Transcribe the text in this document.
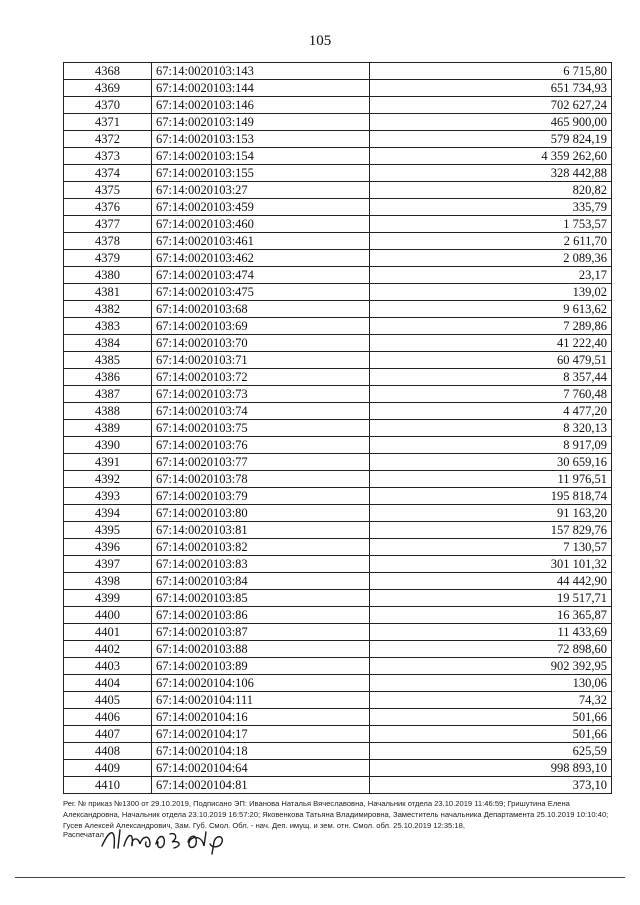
105
4368	67:14:0020103:143	6 715,80
4369	67:14:0020103:144	651 734,93
4370	67:14:0020103:146	702 627,24
4371	67:14:0020103:149	465 900,00
4372	67:14:0020103:153	579 824,19
4373	67:14:0020103:154	4 359 262,60
4374	67:14:0020103:155	328 442,88
4375	67:14:0020103:27	820,82
4376	67:14:0020103:459	335,79
4377	67:14:0020103:460	1 753,57
4378	67:14:0020103:461	2 611,70
4379	67:14:0020103:462	2 089,36
4380	67:14:0020103:474	23,17
4381	67:14:0020103:475	139,02
4382	67:14:0020103:68	9 613,62
4383	67:14:0020103:69	7 289,86
4384	67:14:0020103:70	41 222,40
4385	67:14:0020103:71	60 479,51
4386	67:14:0020103:72	8 357,44
4387	67:14:0020103:73	7 760,48
4388	67:14:0020103:74	4 477,20
4389	67:14:0020103:75	8 320,13
4390	67:14:0020103:76	8 917,09
4391	67:14:0020103:77	30 659,16
4392	67:14:0020103:78	11 976,51
4393	67:14:0020103:79	195 818,74
4394	67:14:0020103:80	91 163,20
4395	67:14:0020103:81	157 829,76
4396	67:14:0020103:82	7 130,57
4397	67:14:0020103:83	301 101,32
4398	67:14:0020103:84	44 442,90
4399	67:14:0020103:85	19 517,71
4400	67:14:0020103:86	16 365,87
4401	67:14:0020103:87	11 433,69
4402	67:14:0020103:88	72 898,60
4403	67:14:0020103:89	902 392,95
4404	67:14:0020104:106	130,06
4405	67:14:0020104:111	74,32
4406	67:14:0020104:16	501,66
4407	67:14:0020104:17	501,66
4408	67:14:0020104:18	625,59
4409	67:14:0020104:64	998 893,10
4410	67:14:0020104:81	373,10
Рег. № приказ №1300 от 29.10.2019, Подписано ЭП: Иванова Наталья Вячеславовна, Начальник отдела 23.10.2019 11:46:59; Гришутина Елена Александровна, Начальник отдела 23.10.2019 16:57:20; Яковенкова Татьяна Владимировна, Заместитель начальника Департамента 25.10.2019 10:10:40; Гусев Алексей Александрович, Зам. Губ. Смол. Обл. - нач. Деп. имущ. и зем. отн. Смол. обл. 25.10.2019 12:35:18,
Распечатал
